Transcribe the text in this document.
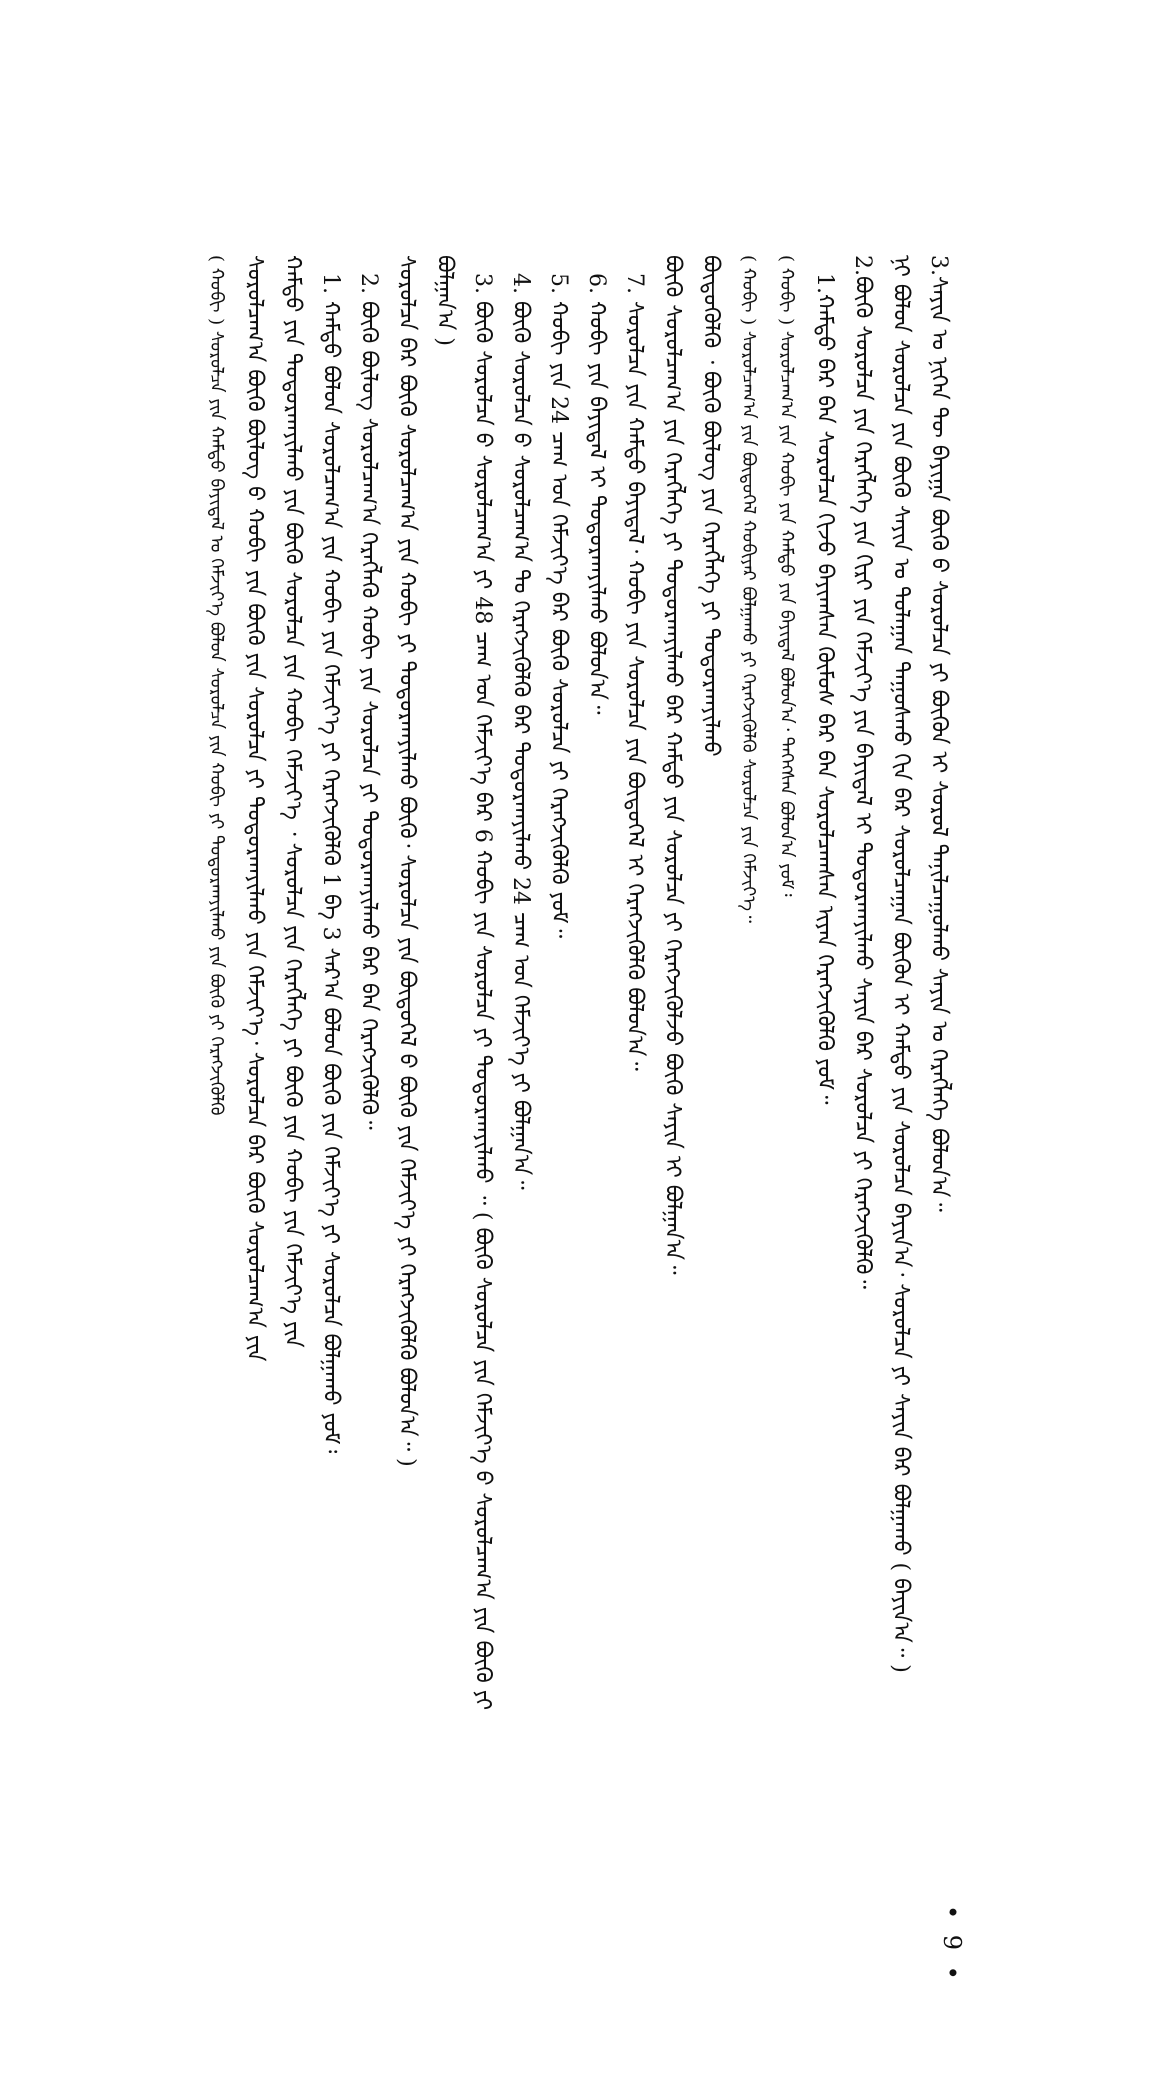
3.ᠰᠠᠶᠢᠨ ᠤ ᠨᠢᠭᠡᠨ ᠲᠦ ᠪᠠᠶᠢᠭᠠ ᠪᠦᠬᠦ ᠪ ᠰᠤᠷᠤᠯᠴᠠ ᠶᠢ ᠪᠦᠬᠦᠨ ᠢ ᠰᠤᠷᠤᠯ ᠲᠠᠨᠢᠯᠴᠠᠭᠤᠯᠬᠤ ᠰᠠᠶᠢᠨ ᠤ ᠬᠡᠷᠡᠭᠯᠡᠭᠡ ᠪᠤᠯᠤᠨ᠎ᠠ᠃
ᠨᠢ ᠪᠤᠯᠤᠨ ᠰᠤᠷᠤᠯᠴᠠ ᠶᠢᠨ ᠪᠦᠬᠦ ᠰᠠᠶᠢᠨ ᠤ ᠲᠤᠯᠠᠭᠠᠨ ᠳᠠᠭᠤᠰᠬᠤ ᠬᠢᠨ ᠪᠡᠷ ᠰᠤᠷᠤᠯᠴᠠᠭᠠᠨ ᠪᠦᠬᠦᠨ ᠢ ᠬᠠᠮᠲᠤ ᠶᠢᠨ ᠰᠤᠷᠤᠯᠴᠠ ᠪᠠᠶᠢᠨ᠎ᠠ᠂ ᠰᠤᠷᠤᠯᠴᠠ ᠶᠢ ᠰᠠᠶᠢᠨ ᠪᠡᠷ ᠪᠤᠯᠭᠠᠬᠤ ( ᠪᠠᠶᠢᠨ᠎ᠠ᠃ )
2.ᠪᠦᠬᠦ ᠰᠤᠷᠤᠯᠴᠠ ᠶᠢᠨ ᠬᠡᠷᠡᠭᠯᠡᠭᠡ ᠶᠢᠨ ᠬᠢᠷᠢ ᠶᠢᠨ ᠬᠡᠮᠵᠢᠶ᠎ᠡ ᠶᠢᠨ ᠪᠠᠶᠢᠳᠠᠯ ᠢ ᠲᠣᠳᠣᠷᠬᠠᠶᠢᠯᠬᠤ ᠰᠠᠶᠢᠨ ᠪᠡᠷ ᠰᠤᠷᠤᠯᠴᠠ ᠶᠢ ᠬᠡᠷᠡᠭᠵᠢᠭᠦᠯᠬᠦ᠃
1.ᠬᠠᠮᠲᠤ ᠪᠠᠷ ᠪᠡᠨ ᠰᠤᠷᠤᠯᠴᠠ ᠬᠢᠵᠦ ᠪᠠᠶᠢᠭᠰᠠᠨ ᠬᠦᠮᠦᠰ ᠪᠠᠷ ᠪᠡᠨ ᠰᠤᠷᠤᠯᠴᠠᠭᠰᠠᠨ ᠢᠶᠡᠨ ᠬᠡᠷᠡᠭᠵᠢᠭᠦᠯᠬᠦ ᠶᠤᠮ᠃
( ᠬᠤᠪᠢ ) ᠰᠤᠷᠤᠯᠴᠠᠭ᠎ᠠ ᠶᠢᠨ ᠬᠤᠪᠢ ᠶᠢᠨ ᠬᠠᠮᠲᠤ ᠶᠢᠨ ᠪᠠᠶᠢᠳᠠᠯ ᠪᠤᠯᠤᠨ᠎ᠠ᠂ ᠲᠡᠭᠡᠭᠰᠡᠨ ᠪᠤᠯᠤᠨ᠎ᠠ ᠶᠤᠮ᠄
( ᠬᠤᠪᠢ ) ᠰᠤᠷᠤᠯᠴᠠᠭ᠎ᠠ ᠶᠢᠨ ᠪᠦᠲᠦᠭᠡᠯ ᠬᠤᠪᠢᠶᠠᠷ ᠪᠤᠯᠭᠠᠬᠤ ᠶᠢ ᠬᠡᠷᠡᠭᠵᠢᠭᠦᠯᠬᠦ ᠰᠤᠷᠤᠯᠴᠠ ᠶᠢᠨ ᠬᠡᠮᠵᠢᠶ᠎ᠡ᠃
ᠪᠦᠳᠦᠭᠦᠯᠬᠦ ᠂ ᠪᠦᠬᠦ ᠪᠦᠯᠦᠭ ᠶᠢᠨ ᠬᠡᠷᠡᠭᠯᠡᠭᠡ ᠶᠢ ᠲᠣᠳᠣᠷᠬᠠᠶᠢᠯᠬᠤ
ᠪᠦᠬᠦ ᠰᠤᠷᠤᠯᠴᠠᠭ᠎ᠠ ᠶᠢᠨ ᠬᠡᠷᠡᠭᠯᠡᠭᠡ ᠶᠢ ᠲᠣᠳᠣᠷᠬᠠᠶᠢᠯᠬᠤ ᠪᠡᠷ ᠬᠠᠮᠲᠤ ᠶᠢᠨ ᠰᠤᠷᠤᠯᠴᠠ ᠶᠢ ᠬᠡᠷᠡᠭᠵᠢᠭᠦᠯᠵᠦ ᠪᠦᠬᠦ ᠰᠠᠶᠢᠨ ᠢ ᠪᠤᠯᠭᠠᠨ᠎ᠠ᠃
7. ᠰᠤᠷᠤᠯᠴᠠ ᠶᠢᠨ ᠬᠠᠮᠲᠤ ᠪᠠᠶᠢᠳᠠᠯ᠂ ᠬᠤᠪᠢ ᠶᠢᠨ ᠰᠤᠷᠤᠯᠴᠠ ᠶᠢᠨ ᠪᠦᠲᠦᠭᠡᠯ ᠢ ᠬᠡᠷᠡᠭᠵᠢᠭᠦᠯᠬᠦ ᠪᠤᠯᠤᠨ᠎ᠠ᠃
6. ᠬᠤᠪᠢ ᠶᠢᠨ ᠪᠠᠶᠢᠳᠠᠯ ᠢ ᠲᠣᠳᠣᠷᠬᠠᠶᠢᠯᠬᠤ ᠪᠤᠯᠤᠨ᠎ᠠ᠃
5. ᠬᠤᠪᠢ ᠶᠢᠨ 24 ᠴᠠᠭ ᠤᠨ ᠬᠡᠮᠵᠢᠶ᠎ᠡ ᠪᠡᠷ ᠪᠦᠬᠦ ᠰᠤᠷᠤᠯᠴᠠ ᠶᠢ ᠬᠡᠷᠡᠭᠵᠢᠭᠦᠯᠬᠦ ᠶᠤᠮ᠃
4. ᠪᠦᠬᠦ ᠰᠤᠷᠤᠯᠴᠠ ᠪ ᠰᠤᠷᠤᠯᠴᠠᠭ᠎ᠠ ᠲᠤ ᠬᠡᠷᠡᠭᠵᠢᠭᠦᠯᠬᠦ ᠪᠠᠷ ᠲᠣᠳᠣᠷᠬᠠᠶᠢᠯᠬᠤ 24 ᠴᠠᠭ ᠤᠨ ᠬᠡᠮᠵᠢᠶ᠎ᠡ ᠶᠢ ᠪᠤᠯᠭᠠᠨ᠎ᠠ᠃
3. ᠪᠦᠬᠦ ᠰᠤᠷᠤᠯᠴᠠ ᠪ ᠰᠤᠷᠤᠯᠴᠠᠭ᠎ᠠ ᠶᠢ 48 ᠴᠠᠭ ᠤᠨ ᠬᠡᠮᠵᠢᠶ᠎ᠡ ᠪᠡᠷ 6 ᠬᠤᠪᠢ ᠶᠢᠨ ᠰᠤᠷᠤᠯᠴᠠ ᠶᠢ ᠲᠣᠳᠣᠷᠬᠠᠶᠢᠯᠬᠤ ᠃ ( ᠪᠦᠬᠦ ᠰᠤᠷᠤᠯᠴᠠ ᠶᠢᠨ ᠬᠡᠮᠵᠢᠶ᠎ᠡ ᠪ ᠰᠤᠷᠤᠯᠴᠠᠭ᠎ᠠ ᠶᠢᠨ ᠪᠦᠬᠦ ᠶᠢ
ᠪᠤᠯᠭᠠᠨ᠎ᠠ )
ᠰᠤᠷᠤᠯᠴᠠ ᠪᠠᠷ ᠪᠦᠬᠦ ᠰᠤᠷᠤᠯᠴᠠᠭ᠎ᠠ ᠶᠢᠨ ᠬᠤᠪᠢ ᠶᠢ ᠲᠣᠳᠣᠷᠬᠠᠶᠢᠯᠬᠤ ᠪᠦᠬᠦ᠂ ᠰᠤᠷᠤᠯᠴᠠ ᠶᠢᠨ ᠪᠦᠲᠦᠭᠡᠯ ᠪ ᠪᠦᠬᠦ ᠶᠢᠨ ᠬᠡᠮᠵᠢᠶ᠎ᠡ ᠶᠢ ᠬᠡᠷᠡᠭᠵᠢᠭᠦᠯᠬᠦ ᠪᠤᠯᠤᠨ᠎ᠠ᠃ )
2. ᠪᠦᠬᠦ ᠪᠦᠯᠦᠭ ᠰᠤᠷᠤᠯᠴᠠᠭ᠎ᠠ ᠬᠡᠷᠡᠭᠯᠡᠬᠦ ᠬᠤᠪᠢ ᠶᠢᠨ ᠰᠤᠷᠤᠯᠴᠠ ᠶᠢ ᠲᠣᠳᠣᠷᠬᠠᠶᠢᠯᠬᠤ ᠪᠠᠷ ᠪᠡᠨ ᠬᠡᠷᠡᠭᠵᠢᠭᠦᠯᠬᠦ᠃
1. ᠬᠠᠮᠲᠤ ᠪᠤᠯᠤᠨ ᠰᠤᠷᠤᠯᠴᠠᠭ᠎ᠠ ᠶᠢᠨ ᠬᠤᠪᠢ ᠶᠢᠨ ᠬᠡᠮᠵᠢᠶ᠎ᠡ ᠶᠢ ᠬᠡᠷᠡᠭᠵᠢᠭᠦᠯᠬᠦ 1 ᠪᠠ 3 ᠰᠠᠷ᠎ᠠ ᠪᠤᠯᠤᠨ ᠪᠦᠬᠦ ᠶᠢᠨ ᠬᠡᠮᠵᠢᠶ᠎ᠡ ᠶᠢ ᠰᠤᠷᠤᠯᠴᠠ ᠪᠤᠯᠭᠠᠬᠤ ᠶᠤᠮ᠄
ᠬᠠᠮᠲᠤ ᠶᠢᠨ ᠲᠣᠳᠣᠷᠬᠠᠶᠢᠯᠬᠤ ᠶᠢᠨ ᠪᠦᠬᠦ ᠰᠤᠷᠤᠯᠴᠠ ᠶᠢᠨ ᠬᠤᠪᠢ ᠬᠡᠮᠵᠢᠶ᠎ᠡ ᠂ ᠰᠤᠷᠤᠯᠴᠠ ᠶᠢᠨ ᠬᠡᠷᠡᠭᠯᠡᠭᠡ ᠶᠢ ᠪᠦᠬᠦ ᠶᠢᠨ ᠬᠤᠪᠢ ᠶᠢᠨ ᠬᠡᠮᠵᠢᠶ᠎ᠡ ᠶᠢᠨ
ᠰᠤᠷᠤᠯᠴᠠᠭ᠎ᠠ ᠪᠦᠬᠦ ᠪᠦᠯᠦᠭ ᠪ ᠬᠤᠪᠢ ᠶᠢᠨ ᠪᠦᠬᠦ ᠶᠢᠨ ᠰᠤᠷᠤᠯᠴᠠ ᠶᠢ ᠲᠣᠳᠣᠷᠬᠠᠶᠢᠯᠬᠤ ᠶᠢᠨ ᠬᠡᠮᠵᠢᠶ᠎ᠡ᠂ ᠰᠤᠷᠤᠯᠴᠠ ᠪᠠᠷ ᠪᠦᠬᠦ ᠰᠤᠷᠤᠯᠴᠠᠭ᠎ᠠ ᠶᠢᠨ
( ᠬᠤᠪᠢ ) ᠰᠤᠷᠤᠯᠴᠠ ᠶᠢᠨ ᠬᠠᠮᠲᠤ ᠪᠠᠶᠢᠳᠠᠯ ᠤ ᠬᠡᠮᠵᠢᠶ᠎ᠡ ᠪᠤᠯᠤᠨ ᠰᠤᠷᠤᠯᠴᠠ ᠶᠢᠨ ᠬᠤᠪᠢ ᠶᠢ ᠲᠣᠳᠣᠷᠬᠠᠶᠢᠯᠬᠤ ᠶᠢᠨ ᠪᠦᠬᠦ ᠶᠢ ᠬᠡᠷᠡᠭᠵᠢᠭᠦᠯᠬᠦ
• 9 •
